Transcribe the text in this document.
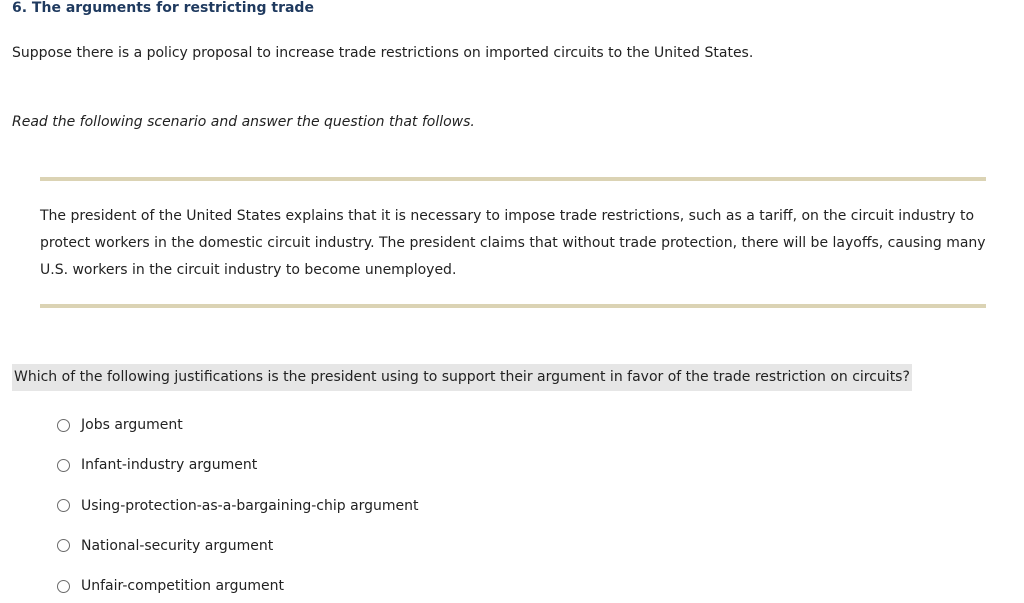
6. The arguments for restricting trade
Suppose there is a policy proposal to increase trade restrictions on imported circuits to the United States.
Read the following scenario and answer the question that follows.
The president of the United States explains that it is necessary to impose trade restrictions, such as a tariff, on the circuit industry to
protect workers in the domestic circuit industry. The president claims that without trade protection, there will be layoffs, causing many
U.S. workers in the circuit industry to become unemployed.
Which of the following justifications is the president using to support their argument in favor of the trade restriction on circuits?
Jobs argument
Infant-industry argument
Using-protection-as-a-bargaining-chip argument
National-security argument
Unfair-competition argument
